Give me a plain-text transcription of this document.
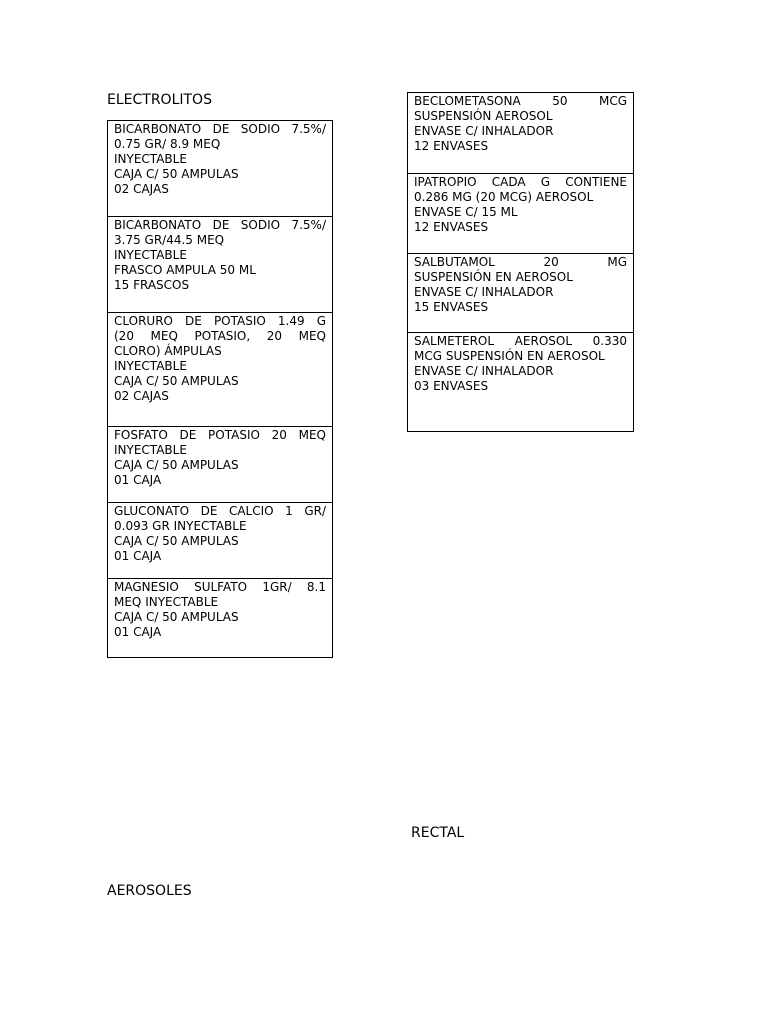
ELECTROLITOS
BICARBONATO DE SODIO 7.5%/
0.75 GR/ 8.9 MEQ
INYECTABLE
CAJA C/ 50 AMPULAS
02 CAJAS
BICARBONATO DE SODIO 7.5%/
3.75 GR/44.5 MEQ
INYECTABLE
FRASCO AMPULA 50 ML
15 FRASCOS
CLORURO DE POTASIO 1.49 G
(20 MEQ POTASIO, 20 MEQ
CLORO) ÁMPULAS
INYECTABLE
CAJA C/ 50 AMPULAS
02 CAJAS
FOSFATO DE POTASIO 20 MEQ
INYECTABLE
CAJA C/ 50 AMPULAS
01 CAJA
GLUCONATO DE CALCIO 1 GR/
0.093 GR INYECTABLE
CAJA C/ 50 AMPULAS
01 CAJA
MAGNESIO SULFATO 1GR/ 8.1
MEQ INYECTABLE
CAJA C/ 50 AMPULAS
01 CAJA
BECLOMETASONA 50 MCG
SUSPENSIÓN AEROSOL
ENVASE C/ INHALADOR
12 ENVASES
IPATROPIO CADA G CONTIENE
0.286 MG (20 MCG) AEROSOL
ENVASE C/ 15 ML
12 ENVASES
SALBUTAMOL 20 MG
SUSPENSIÓN EN AEROSOL
ENVASE C/ INHALADOR
15 ENVASES
SALMETEROL AEROSOL 0.330
MCG SUSPENSIÓN EN AEROSOL
ENVASE C/ INHALADOR
03 ENVASES
RECTAL
AEROSOLES
